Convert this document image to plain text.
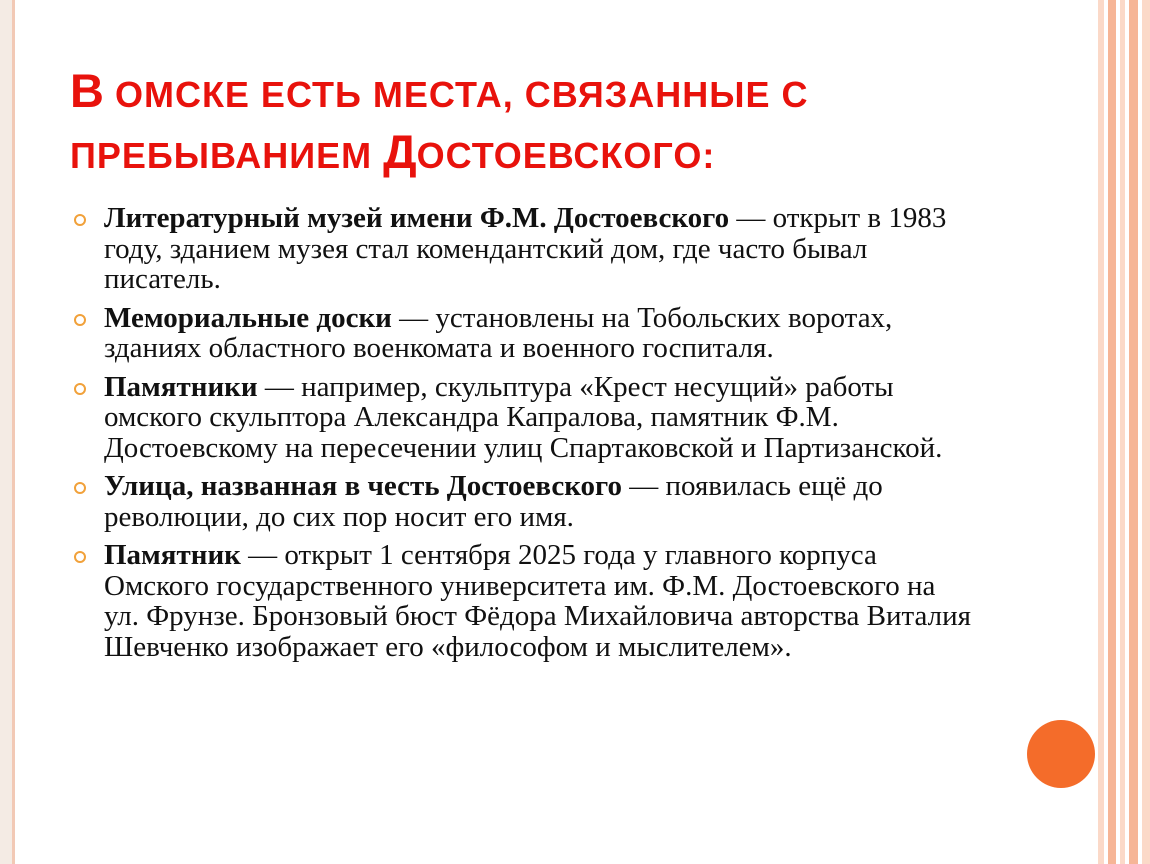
В ОМСКЕ ЕСТЬ МЕСТА, СВЯЗАННЫЕ С ПРЕБЫВАНИЕМ ДОСТОЕВСКОГО:
Литературный музей имени Ф.М. Достоевского — открыт в 1983 году, зданием музея стал комендантский дом, где часто бывал писатель.
Мемориальные доски — установлены на Тобольских воротах, зданиях областного военкомата и военного госпиталя.
Памятники — например, скульптура «Крест несущий» работы омского скульптора Александра Капралова, памятник Ф.М. Достоевскому на пересечении улиц Спартаковской и Партизанской.
Улица, названная в честь Достоевского — появилась ещё до революции, до сих пор носит его имя.
Памятник — открыт 1 сентября 2025 года у главного корпуса Омского государственного университета им. Ф.М. Достоевского на ул. Фрунзе. Бронзовый бюст Фёдора Михайловича авторства Виталия Шевченко изображает его «философом и мыслителем».
